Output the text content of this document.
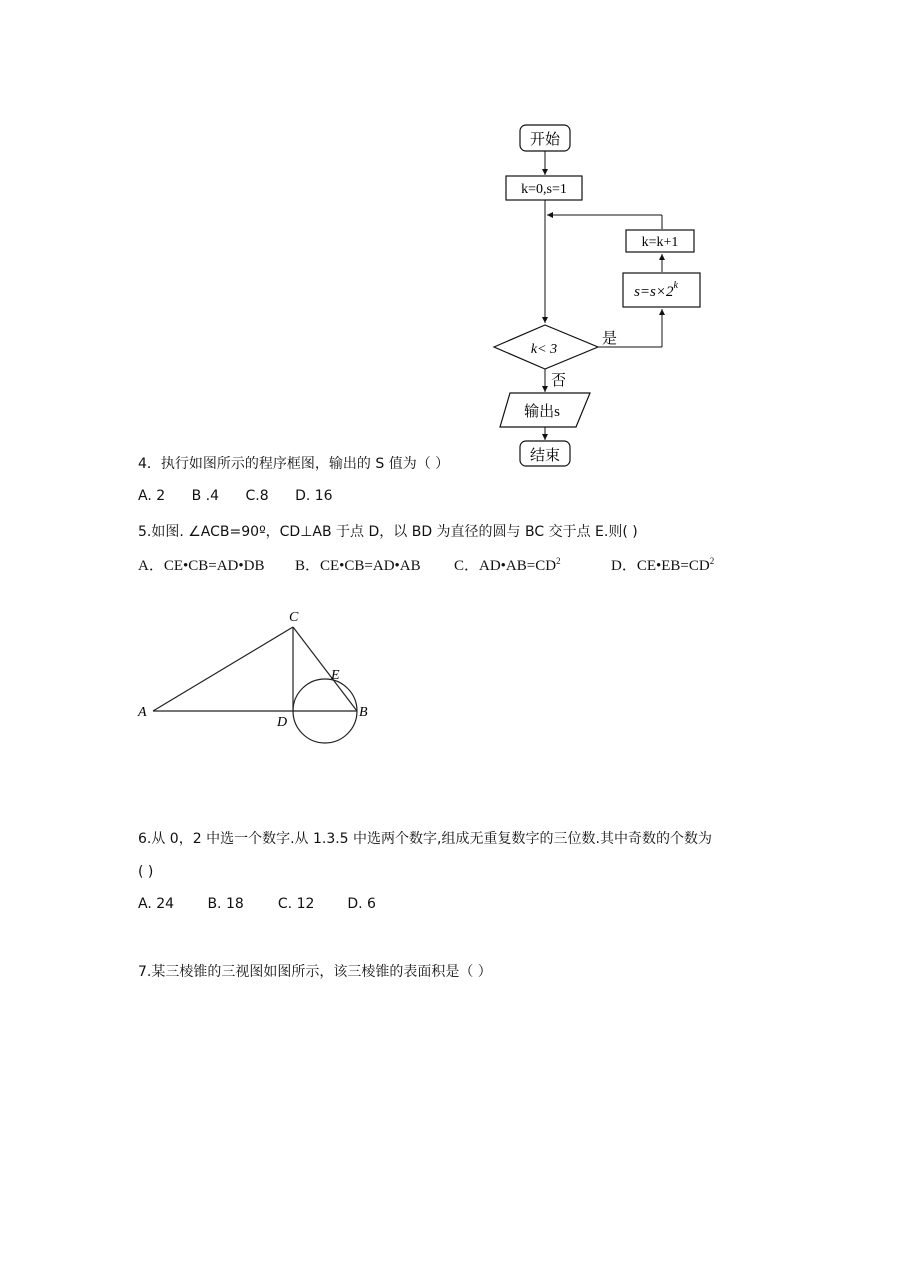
开始
k=0,s=1
k=k+1
$s=s\times 2^k$
是
k< 3
否
输出s
结束
4．执行如图所示的程序框图，输出的 S 值为（ ）
A. 2 B .4 C.8 D. 16
5.如图. ∠ACB=90º，CD⊥AB 于点 D，以 BD 为直径的圆与 BC 交于点 E.则( )
A．CE•CB=AD•DB B．CE•CB=AD•AB C．$AD•AB=CD^2$	D．$CE•EB=CD^2$
A
C
D
B
E
6.从 0，2 中选一个数字.从 1.3.5 中选两个数字,组成无重复数字的三位数.其中奇数的个数为
( )
A. 24 B. 18 C. 12 D. 6
7.某三棱锥的三视图如图所示，该三棱锥的表面积是（ ）
